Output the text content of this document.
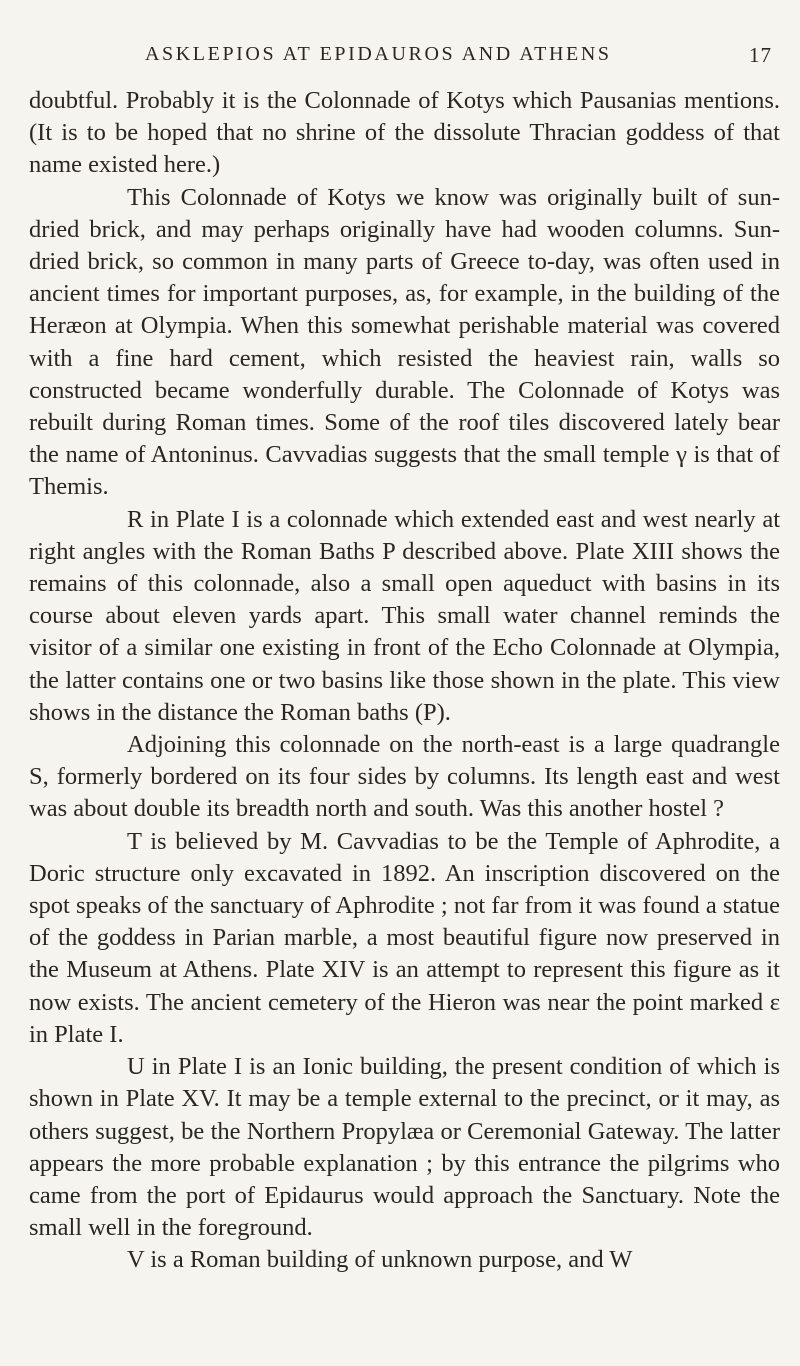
ASKLEPIOS AT EPIDAUROS AND ATHENS	17

doubtful. Probably it is the Colonnade of Kotys which Pausanias mentions. (It is to be hoped that no shrine of the dissolute Thracian goddess of that name existed here.)

This Colonnade of Kotys we know was originally built of sun-dried brick, and may perhaps originally have had wooden columns. Sun-dried brick, so common in many parts of Greece to-day, was often used in ancient times for important purposes, as, for example, in the building of the Heræon at Olympia. When this somewhat perishable material was covered with a fine hard cement, which resisted the heaviest rain, walls so constructed became wonderfully durable. The Colonnade of Kotys was rebuilt during Roman times. Some of the roof tiles discovered lately bear the name of Antoninus. Cavvadias suggests that the small temple γ is that of Themis.

R in Plate I is a colonnade which extended east and west nearly at right angles with the Roman Baths P described above. Plate XIII shows the remains of this colonnade, also a small open aqueduct with basins in its course about eleven yards apart. This small water channel reminds the visitor of a similar one existing in front of the Echo Colonnade at Olympia, the latter contains one or two basins like those shown in the plate. This view shows in the distance the Roman baths (P).

Adjoining this colonnade on the north-east is a large quadrangle S, formerly bordered on its four sides by columns. Its length east and west was about double its breadth north and south. Was this another hostel ?

T is believed by M. Cavvadias to be the Temple of Aphrodite, a Doric structure only excavated in 1892. An inscription discovered on the spot speaks of the sanctuary of Aphrodite ; not far from it was found a statue of the goddess in Parian marble, a most beautiful figure now preserved in the Museum at Athens. Plate XIV is an attempt to represent this figure as it now exists. The ancient cemetery of the Hieron was near the point marked ε in Plate I.

U in Plate I is an Ionic building, the present condition of which is shown in Plate XV. It may be a temple external to the precinct, or it may, as others suggest, be the Northern Propylæa or Ceremonial Gateway. The latter appears the more probable explanation ; by this entrance the pilgrims who came from the port of Epidaurus would approach the Sanctuary. Note the small well in the foreground.

V is a Roman building of unknown purpose, and W
